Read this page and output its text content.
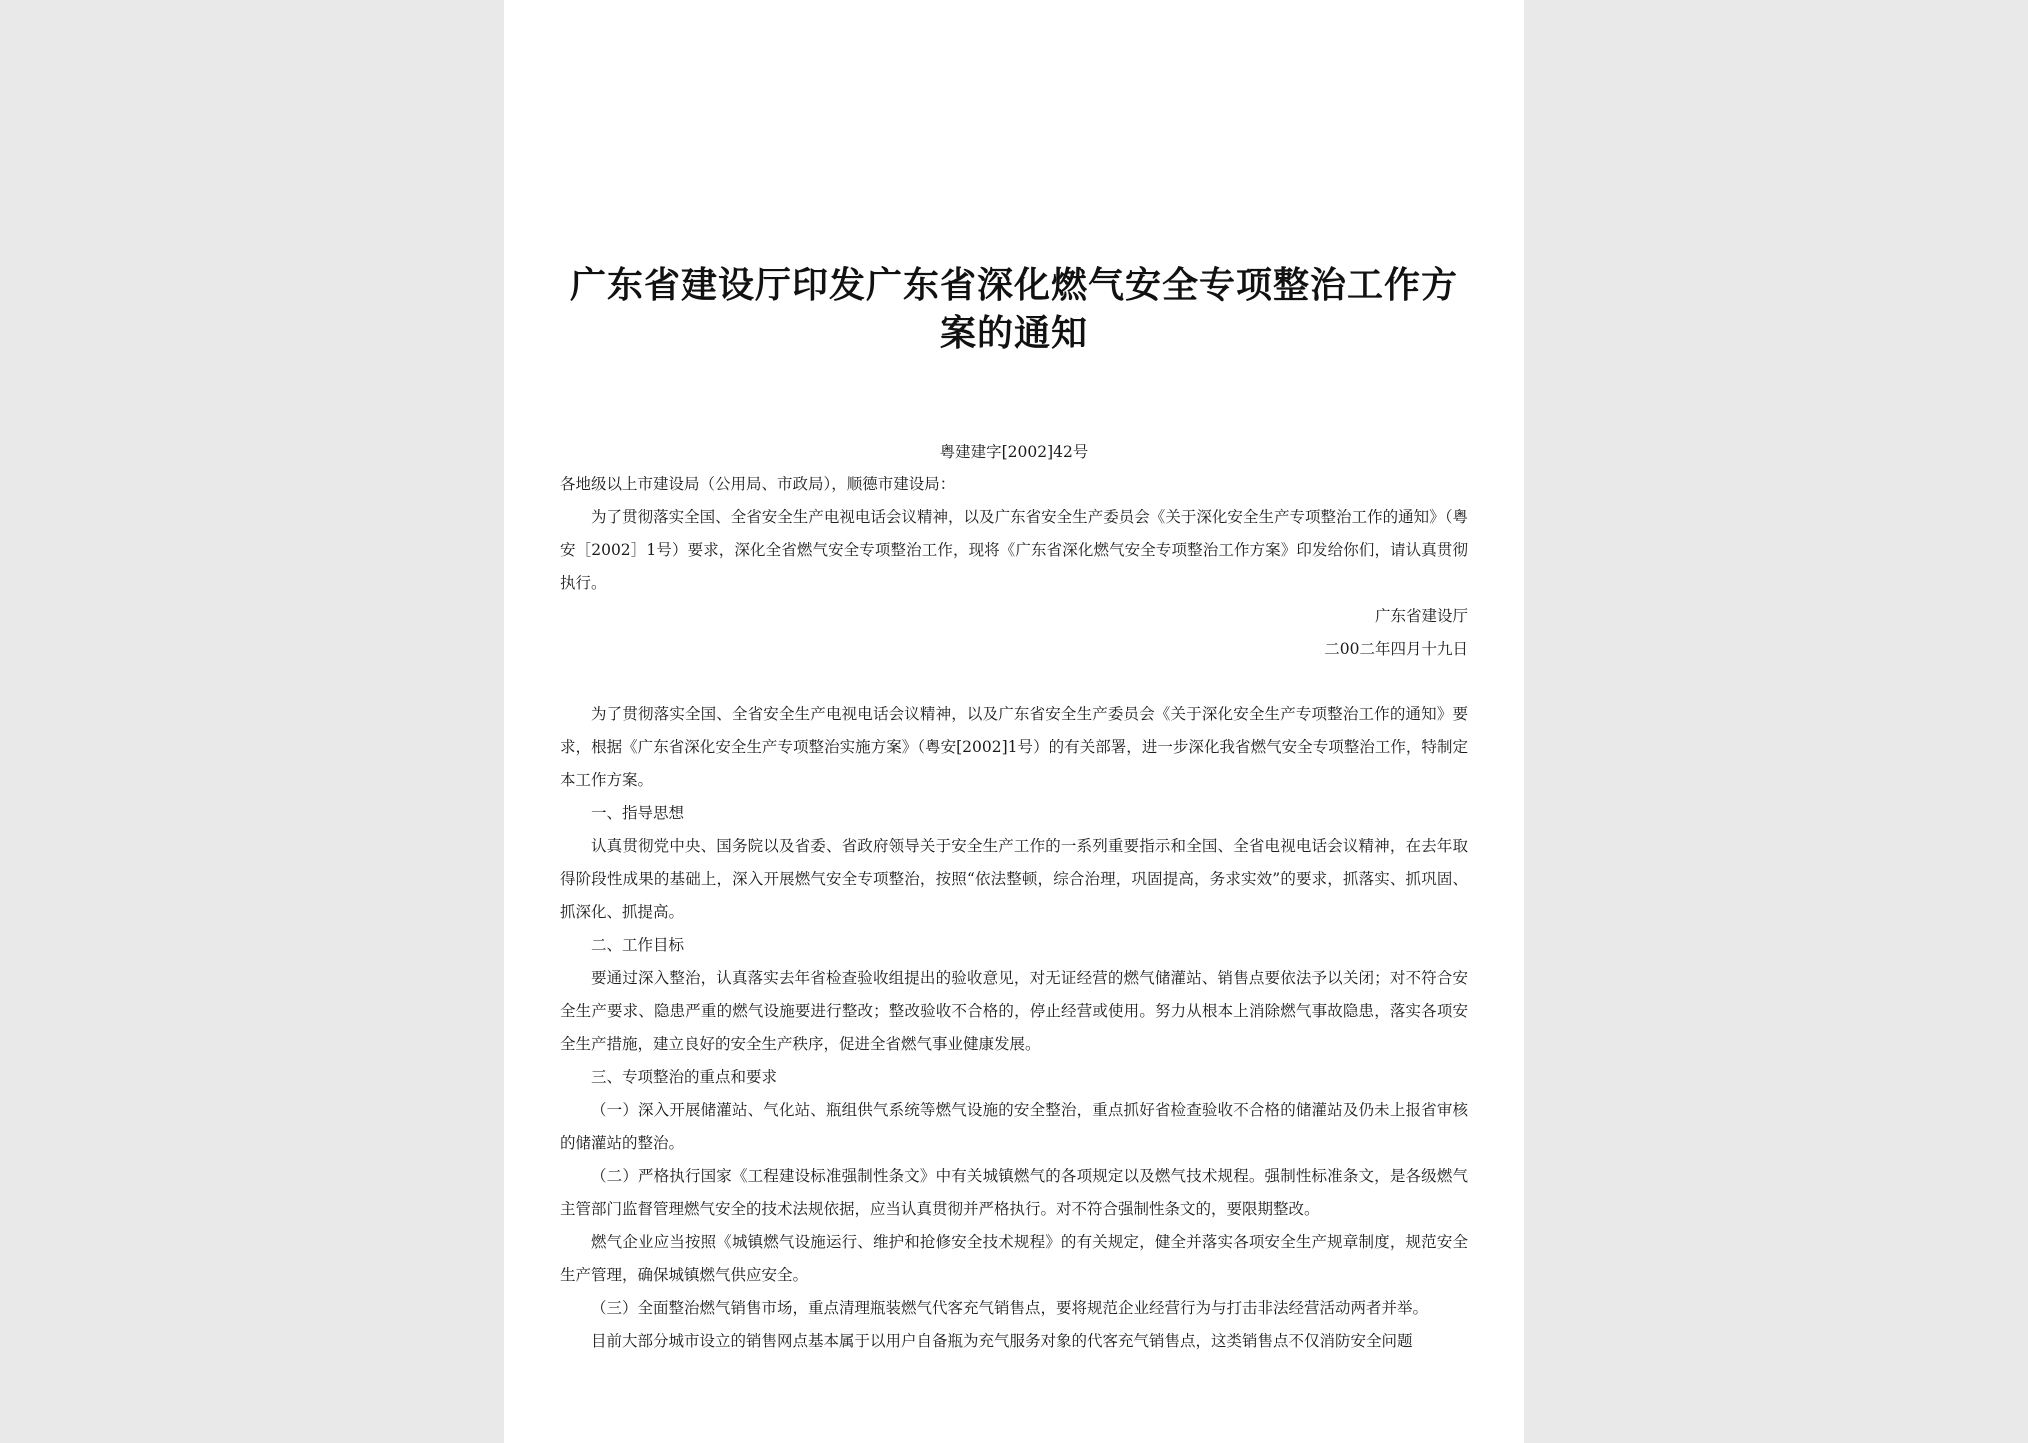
广东省建设厅印发广东省深化燃气安全专项整治工作方案的通知
粤建建字[2002]42号

各地级以上市建设局（公用局、市政局），顺德市建设局：

为了贯彻落实全国、全省安全生产电视电话会议精神，以及广东省安全生产委员会《关于深化安全生产专项整治工作的通知》（粤安［2002］1号）要求，深化全省燃气安全专项整治工作，现将《广东省深化燃气安全专项整治工作方案》印发给你们，请认真贯彻执行。

广东省建设厅

二00二年四月十九日

为了贯彻落实全国、全省安全生产电视电话会议精神，以及广东省安全生产委员会《关于深化安全生产专项整治工作的通知》要求，根据《广东省深化安全生产专项整治实施方案》（粤安[2002]1号）的有关部署，进一步深化我省燃气安全专项整治工作，特制定本工作方案。

一、指导思想

认真贯彻党中央、国务院以及省委、省政府领导关于安全生产工作的一系列重要指示和全国、全省电视电话会议精神，在去年取得阶段性成果的基础上，深入开展燃气安全专项整治，按照“依法整顿，综合治理，巩固提高，务求实效”的要求，抓落实、抓巩固、抓深化、抓提高。

二、工作目标

要通过深入整治，认真落实去年省检查验收组提出的验收意见，对无证经营的燃气储灌站、销售点要依法予以关闭；对不符合安全生产要求、隐患严重的燃气设施要进行整改；整改验收不合格的，停止经营或使用。努力从根本上消除燃气事故隐患，落实各项安全生产措施，建立良好的安全生产秩序，促进全省燃气事业健康发展。

三、专项整治的重点和要求

（一）深入开展储灌站、气化站、瓶组供气系统等燃气设施的安全整治，重点抓好省检查验收不合格的储灌站及仍未上报省审核的储灌站的整治。

（二）严格执行国家《工程建设标准强制性条文》中有关城镇燃气的各项规定以及燃气技术规程。强制性标准条文，是各级燃气主管部门监督管理燃气安全的技术法规依据，应当认真贯彻并严格执行。对不符合强制性条文的，要限期整改。

燃气企业应当按照《城镇燃气设施运行、维护和抢修安全技术规程》的有关规定，健全并落实各项安全生产规章制度，规范安全生产管理，确保城镇燃气供应安全。

（三）全面整治燃气销售市场，重点清理瓶装燃气代客充气销售点，要将规范企业经营行为与打击非法经营活动两者并举。

目前大部分城市设立的销售网点基本属于以用户自备瓶为充气服务对象的代客充气销售点，这类销售点不仅消防安全问题
